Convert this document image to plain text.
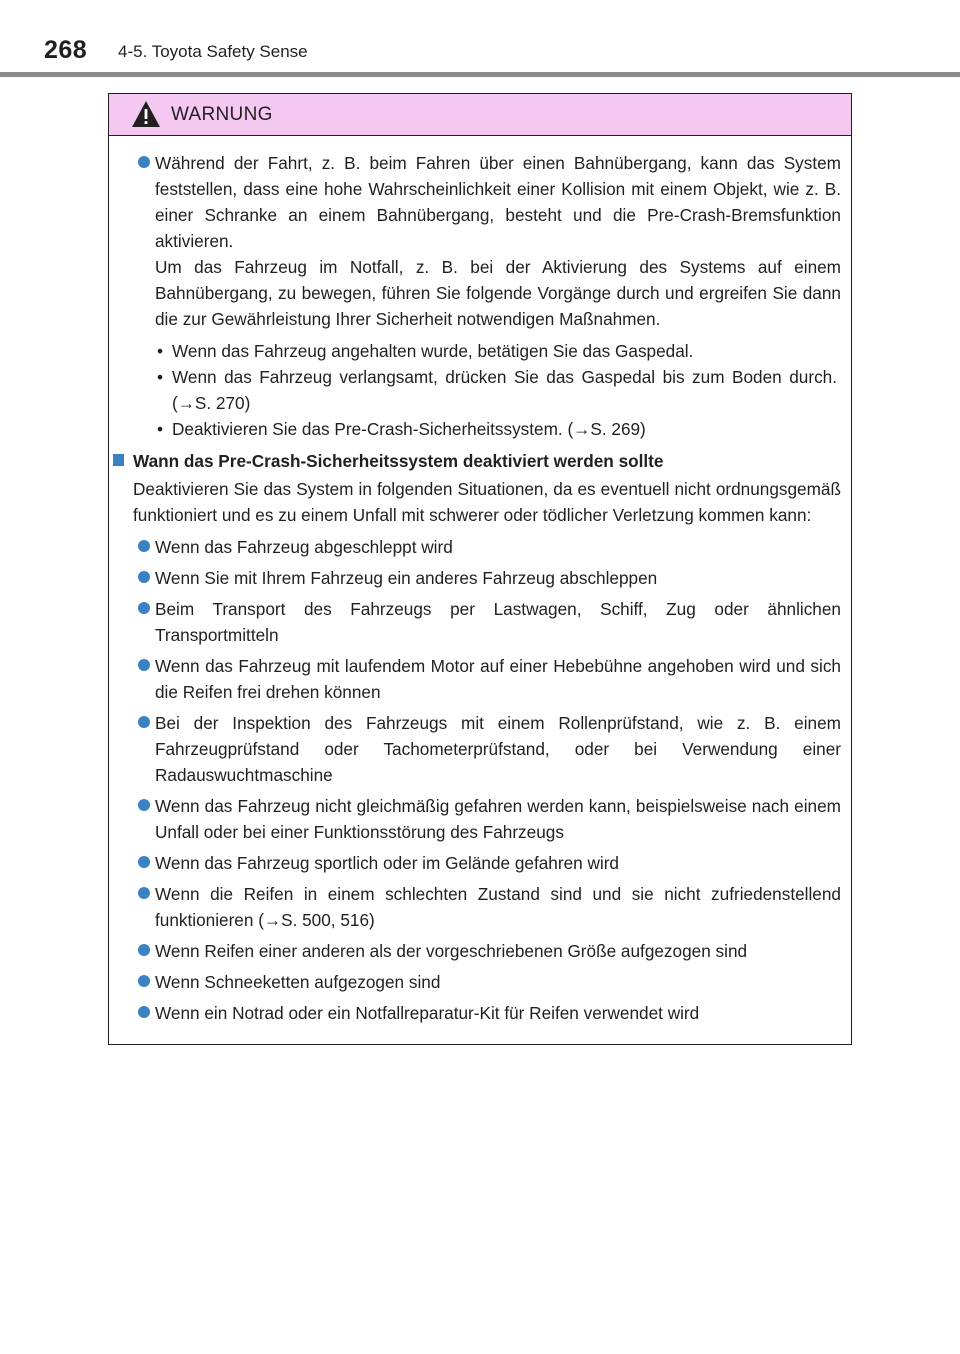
268 4-5. Toyota Safety Sense
WARNUNG
Während der Fahrt, z. B. beim Fahren über einen Bahnübergang, kann das System feststellen, dass eine hohe Wahrscheinlichkeit einer Kollision mit einem Objekt, wie z. B. einer Schranke an einem Bahnübergang, besteht und die Pre-Crash-Bremsfunktion aktivieren.
Um das Fahrzeug im Notfall, z. B. bei der Aktivierung des Systems auf einem Bahnübergang, zu bewegen, führen Sie folgende Vorgänge durch und ergreifen Sie dann die zur Gewährleistung Ihrer Sicherheit notwendigen Maßnahmen.
• Wenn das Fahrzeug angehalten wurde, betätigen Sie das Gaspedal.
• Wenn das Fahrzeug verlangsamt, drücken Sie das Gaspedal bis zum Boden durch. (→S. 270)
• Deaktivieren Sie das Pre-Crash-Sicherheitssystem. (→S. 269)
Wann das Pre-Crash-Sicherheitssystem deaktiviert werden sollte
Deaktivieren Sie das System in folgenden Situationen, da es eventuell nicht ordnungsgemäß funktioniert und es zu einem Unfall mit schwerer oder tödlicher Verletzung kommen kann:
Wenn das Fahrzeug abgeschleppt wird
Wenn Sie mit Ihrem Fahrzeug ein anderes Fahrzeug abschleppen
Beim Transport des Fahrzeugs per Lastwagen, Schiff, Zug oder ähnlichen Transportmitteln
Wenn das Fahrzeug mit laufendem Motor auf einer Hebebühne angehoben wird und sich die Reifen frei drehen können
Bei der Inspektion des Fahrzeugs mit einem Rollenprüfstand, wie z. B. einem Fahrzeugprüfstand oder Tachometerprüfstand, oder bei Verwendung einer Radauswuchtmaschine
Wenn das Fahrzeug nicht gleichmäßig gefahren werden kann, beispielsweise nach einem Unfall oder bei einer Funktionsstörung des Fahrzeugs
Wenn das Fahrzeug sportlich oder im Gelände gefahren wird
Wenn die Reifen in einem schlechten Zustand sind und sie nicht zufriedenstellend funktionieren (→S. 500, 516)
Wenn Reifen einer anderen als der vorgeschriebenen Größe aufgezogen sind
Wenn Schneeketten aufgezogen sind
Wenn ein Notrad oder ein Notfallreparatur-Kit für Reifen verwendet wird
